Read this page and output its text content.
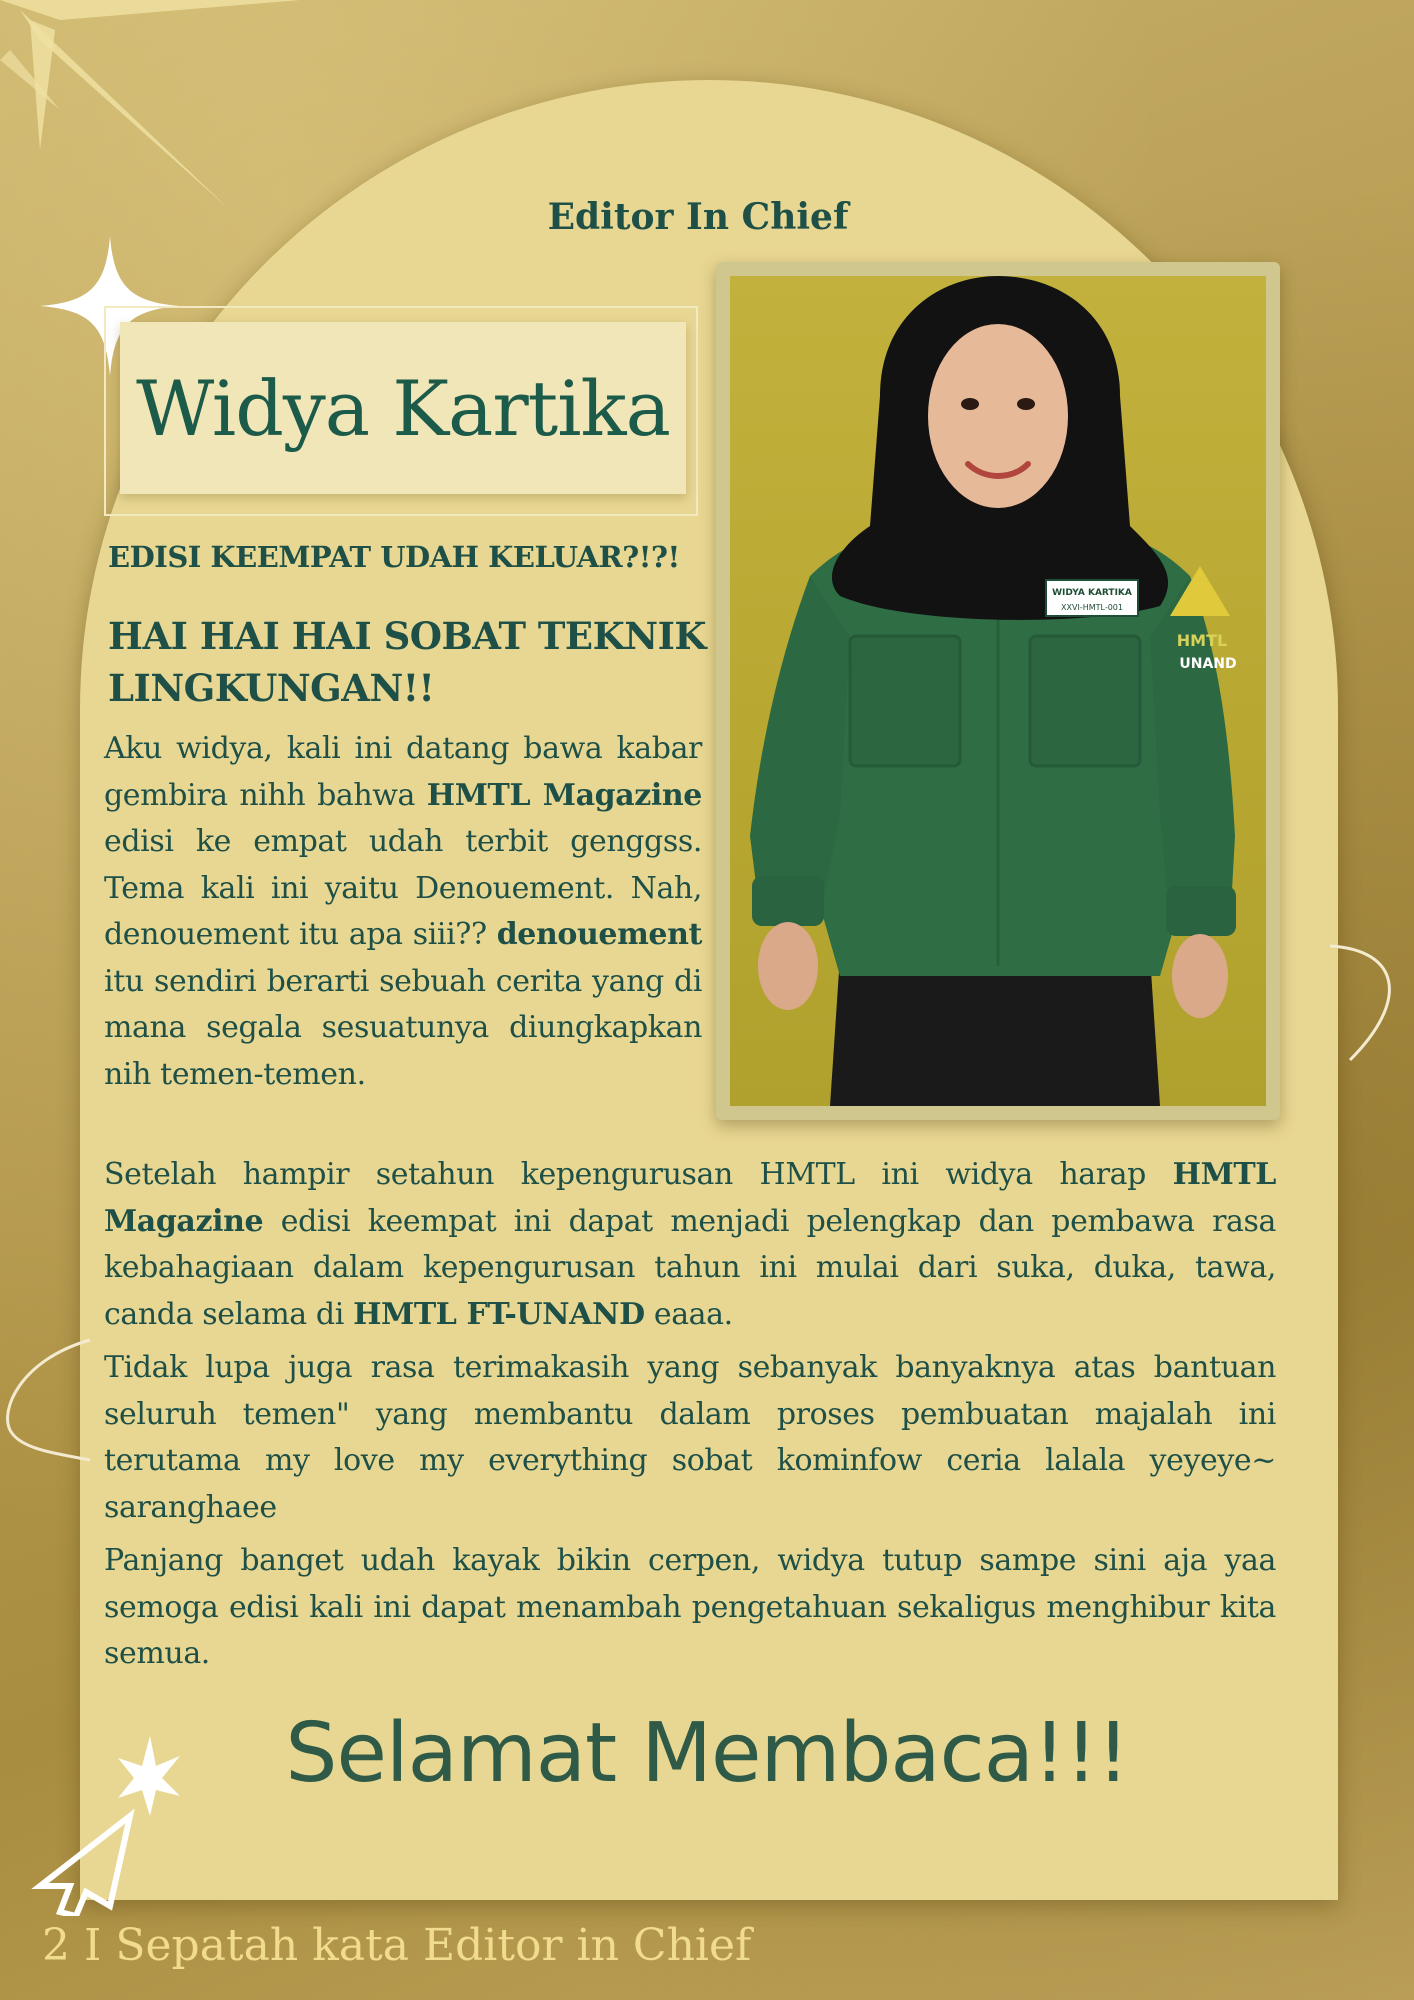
Editor In Chief
Widya Kartika
WIDYA KARTIKA
XXVI-HMTL-001
HMTL
UNAND
EDISI KEEMPAT UDAH KELUAR?!?!
HAI HAI HAI SOBAT TEKNIK LINGKUNGAN!!

Aku widya, kali ini datang bawa kabar gembira nihh bahwa HMTL Magazine edisi ke empat udah terbit genggss. Tema kali ini yaitu Denouement. Nah, denouement itu apa siii?? denouement itu sendiri berarti sebuah cerita yang di mana segala sesuatunya diungkapkan nih temen-temen.

Setelah hampir setahun kepengurusan HMTL ini widya harap HMTL Magazine edisi keempat ini dapat menjadi pelengkap dan pembawa rasa kebahagiaan dalam kepengurusan tahun ini mulai dari suka, duka, tawa, canda selama di HMTL FT-UNAND eaaa.

Tidak lupa juga rasa terimakasih yang sebanyak banyaknya atas bantuan seluruh temen" yang membantu dalam proses pembuatan majalah ini terutama my love my everything sobat kominfow ceria lalala yeyeye~ saranghaee

Panjang banget udah kayak bikin cerpen, widya tutup sampe sini aja yaa semoga edisi kali ini dapat menambah pengetahuan sekaligus menghibur kita semua.

Selamat Membaca!!!
2 I Sepatah kata Editor in Chief
